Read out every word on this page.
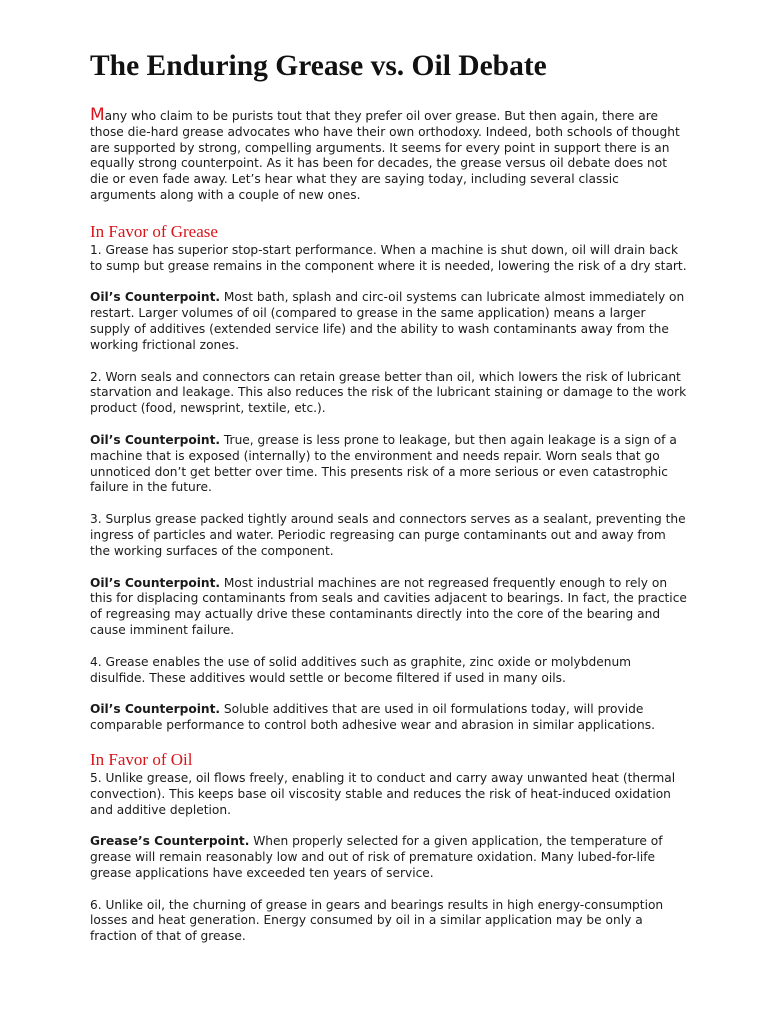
The Enduring Grease vs. Oil Debate

Many who claim to be purists tout that they prefer oil over grease. But then again, there are those die-hard grease advocates who have their own orthodoxy. Indeed, both schools of thought are supported by strong, compelling arguments. It seems for every point in support there is an equally strong counterpoint. As it has been for decades, the grease versus oil debate does not die or even fade away. Let’s hear what they are saying today, including several classic arguments along with a couple of new ones.

In Favor of Grease

1. Grease has superior stop-start performance. When a machine is shut down, oil will drain back to sump but grease remains in the component where it is needed, lowering the risk of a dry start.

Oil’s Counterpoint. Most bath, splash and circ-oil systems can lubricate almost immediately on restart. Larger volumes of oil (compared to grease in the same application) means a larger supply of additives (extended service life) and the ability to wash contaminants away from the working frictional zones.

2. Worn seals and connectors can retain grease better than oil, which lowers the risk of lubricant starvation and leakage. This also reduces the risk of the lubricant staining or damage to the work product (food, newsprint, textile, etc.).

Oil’s Counterpoint. True, grease is less prone to leakage, but then again leakage is a sign of a machine that is exposed (internally) to the environment and needs repair. Worn seals that go unnoticed don’t get better over time. This presents risk of a more serious or even catastrophic failure in the future.

3. Surplus grease packed tightly around seals and connectors serves as a sealant, preventing the ingress of particles and water. Periodic regreasing can purge contaminants out and away from the working surfaces of the component.

Oil’s Counterpoint. Most industrial machines are not regreased frequently enough to rely on this for displacing contaminants from seals and cavities adjacent to bearings. In fact, the practice of regreasing may actually drive these contaminants directly into the core of the bearing and cause imminent failure.

4. Grease enables the use of solid additives such as graphite, zinc oxide or molybdenum disulfide. These additives would settle or become filtered if used in many oils.

Oil’s Counterpoint. Soluble additives that are used in oil formulations today, will provide comparable performance to control both adhesive wear and abrasion in similar applications.

In Favor of Oil

5. Unlike grease, oil flows freely, enabling it to conduct and carry away unwanted heat (thermal convection). This keeps base oil viscosity stable and reduces the risk of heat-induced oxidation and additive depletion.

Grease’s Counterpoint. When properly selected for a given application, the temperature of grease will remain reasonably low and out of risk of premature oxidation. Many lubed-for-life grease applications have exceeded ten years of service.

6. Unlike oil, the churning of grease in gears and bearings results in high energy-consumption losses and heat generation. Energy consumed by oil in a similar application may be only a fraction of that of grease.
